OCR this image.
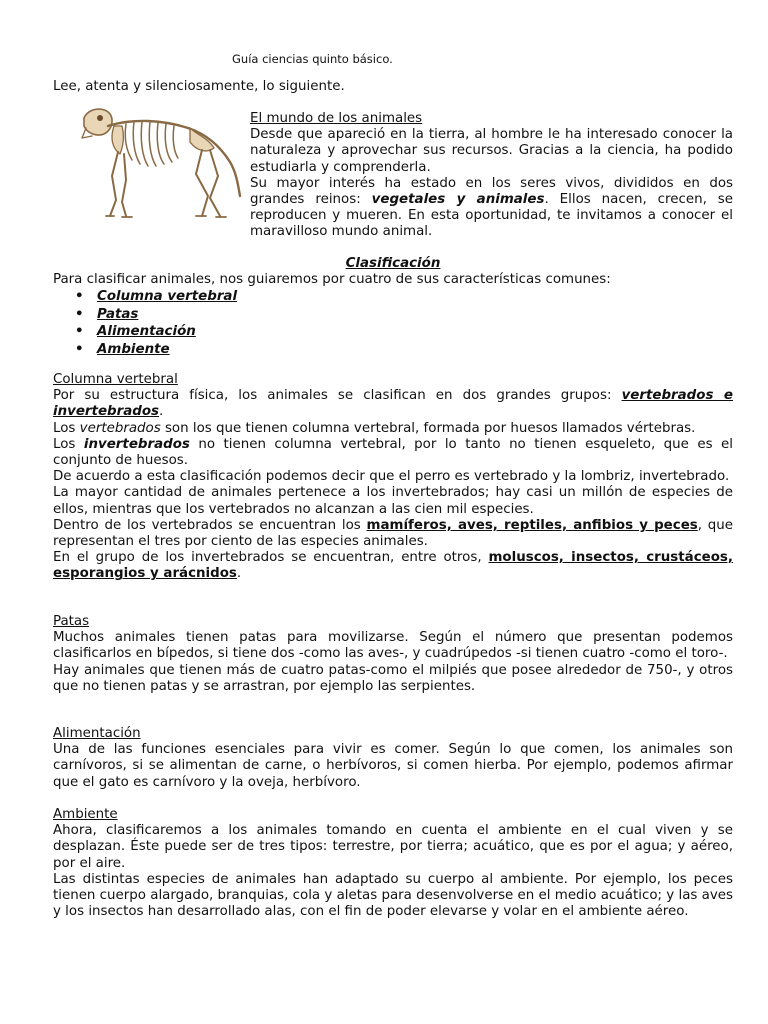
Guía ciencias quinto básico.
Lee, atenta y silenciosamente, lo siguiente.

El mundo de los animales

Desde que apareció en la tierra, al hombre le ha interesado conocer la naturaleza y aprovechar sus recursos. Gracias a la ciencia, ha podido estudiarla y comprenderla.

Su mayor interés ha estado en los seres vivos, divididos en dos grandes reinos: vegetales y animales. Ellos nacen, crecen, se reproducen y mueren. En esta oportunidad, te invitamos a conocer el maravilloso mundo animal.

Clasificación
Para clasificar animales, nos guiaremos por cuatro de sus características comunes:
• Columna vertebral
• Patas
• Alimentación
• Ambiente

Columna vertebral

Por su estructura física, los animales se clasifican en dos grandes grupos: vertebrados e invertebrados.

Los vertebrados son los que tienen columna vertebral, formada por huesos llamados vértebras.

Los invertebrados no tienen columna vertebral, por lo tanto no tienen esqueleto, que es el conjunto de huesos.

De acuerdo a esta clasificación podemos decir que el perro es vertebrado y la lombriz, invertebrado.

La mayor cantidad de animales pertenece a los invertebrados; hay casi un millón de especies de ellos, mientras que los vertebrados no alcanzan a las cien mil especies.

Dentro de los vertebrados se encuentran los mamíferos, aves, reptiles, anfibios y peces, que representan el tres por ciento de las especies animales.

En el grupo de los invertebrados se encuentran, entre otros, moluscos, insectos, crustáceos, esporangios y arácnidos.

Patas

Muchos animales tienen patas para movilizarse. Según el número que presentan podemos clasificarlos en bípedos, si tiene dos -como las aves-, y cuadrúpedos -si tienen cuatro -como el toro-.

Hay animales que tienen más de cuatro patas-como el milpiés que posee alrededor de 750-, y otros que no tienen patas y se arrastran, por ejemplo las serpientes.

Alimentación

Una de las funciones esenciales para vivir es comer. Según lo que comen, los animales son carnívoros, si se alimentan de carne, o herbívoros, si comen hierba. Por ejemplo, podemos afirmar que el gato es carnívoro y la oveja, herbívoro.

Ambiente

Ahora, clasificaremos a los animales tomando en cuenta el ambiente en el cual viven y se desplazan. Éste puede ser de tres tipos: terrestre, por tierra; acuático, que es por el agua; y aéreo, por el aire.

Las distintas especies de animales han adaptado su cuerpo al ambiente. Por ejemplo, los peces tienen cuerpo alargado, branquias, cola y aletas para desenvolverse en el medio acuático; y las aves y los insectos han desarrollado alas, con el fin de poder elevarse y volar en el ambiente aéreo.
